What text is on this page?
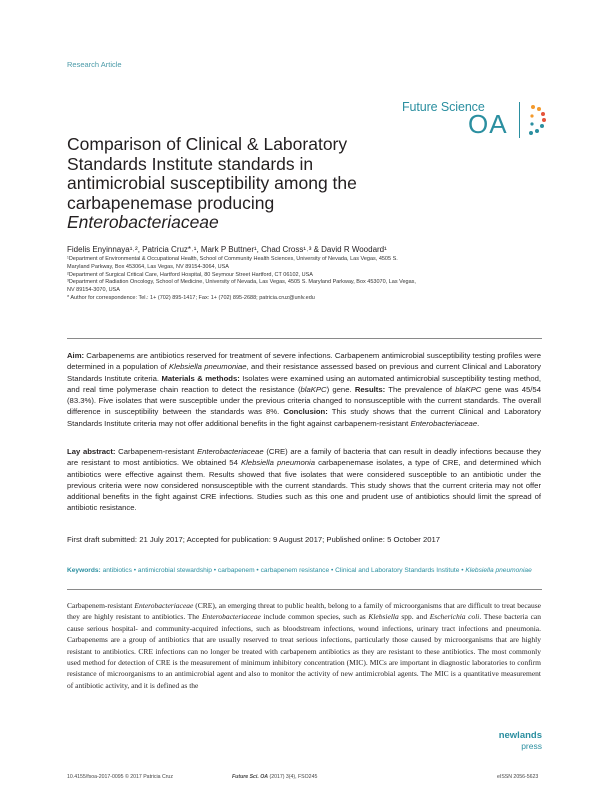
Research Article
Future Science
OA
Comparison of Clinical & Laboratory Standards Institute standards in antimicrobial susceptibility among the carbapenemase producing
Enterobacteriaceae
Fidelis Enyinnaya¹˒², Patricia Cruz*˒¹, Mark P Buttner¹, Chad Cross¹˒³ & David R Woodard¹

¹Department of Environmental & Occupational Health, School of Community Health Sciences, University of Nevada, Las Vegas, 4505 S. Maryland Parkway, Box 453064, Las Vegas, NV 89154-3064, USA

²Department of Surgical Critical Care, Hartford Hospital, 80 Seymour Street Hartford, CT 06102, USA

³Department of Radiation Oncology, School of Medicine, University of Nevada, Las Vegas, 4505 S. Maryland Parkway, Box 453070, Las Vegas, NV 89154-3070, USA

* Author for correspondence: Tel.: 1+ (702) 895-1417; Fax: 1+ (702) 895-2688; patricia.cruz@unlv.edu

Aim: Carbapenems are antibiotics reserved for treatment of severe infections. Carbapenem antimicrobial susceptibility testing profiles were determined in a population of Klebsiella pneumoniae, and their resistance assessed based on previous and current Clinical and Laboratory Standards Institute criteria. Materials & methods: Isolates were examined using an automated antimicrobial susceptibility testing method, and real time polymerase chain reaction to detect the resistance (blaKPC) gene. Results: The prevalence of blaKPC gene was 45/54 (83.3%). Five isolates that were susceptible under the previous criteria changed to nonsusceptible with the current standards. The overall difference in susceptibility between the standards was 8%. Conclusion: This study shows that the current Clinical and Laboratory Standards Institute criteria may not offer additional benefits in the fight against carbapenem-resistant Enterobacteriaceae.
Lay abstract: Carbapenem-resistant Enterobacteriaceae (CRE) are a family of bacteria that can result in deadly infections because they are resistant to most antibiotics. We obtained 54 Klebsiella pneumonia carbapenemase isolates, a type of CRE, and determined which antibiotics were effective against them. Results showed that five isolates that were considered susceptible to an antibiotic under the previous criteria were now considered nonsusceptible with the current standards. This study shows that the current criteria may not offer additional benefits in the fight against CRE infections. Studies such as this one and prudent use of antibiotics should limit the spread of antibiotic resistance.
First draft submitted: 21 July 2017; Accepted for publication: 9 August 2017; Published online: 5 October 2017
Keywords: antibiotics • antimicrobial stewardship • carbapenem • carbapenem resistance • Clinical and Laboratory Standards Institute • Klebsiella pneumoniae
Carbapenem-resistant Enterobacteriaceae (CRE), an emerging threat to public health, belong to a family of microorganisms that are difficult to treat because they are highly resistant to antibiotics. The Enterobacteriaceae include common species, such as Klebsiella spp. and Escherichia coli. These bacteria can cause serious hospital- and community-acquired infections, such as bloodstream infections, wound infections, urinary tract infections and pneumonia. Carbapenems are a group of antibiotics that are usually reserved to treat serious infections, particularly those caused by microorganisms that are highly resistant to antibiotics. CRE infections can no longer be treated with carbapenem antibiotics as they are resistant to these antibiotics. The most commonly used method for detection of CRE is the measurement of minimum inhibitory concentration (MIC). MICs are important in diagnostic laboratories to confirm resistance of microorganisms to an antimicrobial agent and also to monitor the activity of new antimicrobial agents. The MIC is a quantitative measurement of antibiotic activity, and it is defined as the
newlands
press
10.4155/fsoa-2017-0095 © 2017 Patricia Cruz	Future Sci. OA (2017) 3(4), FSO245	eISSN 2056-5623
